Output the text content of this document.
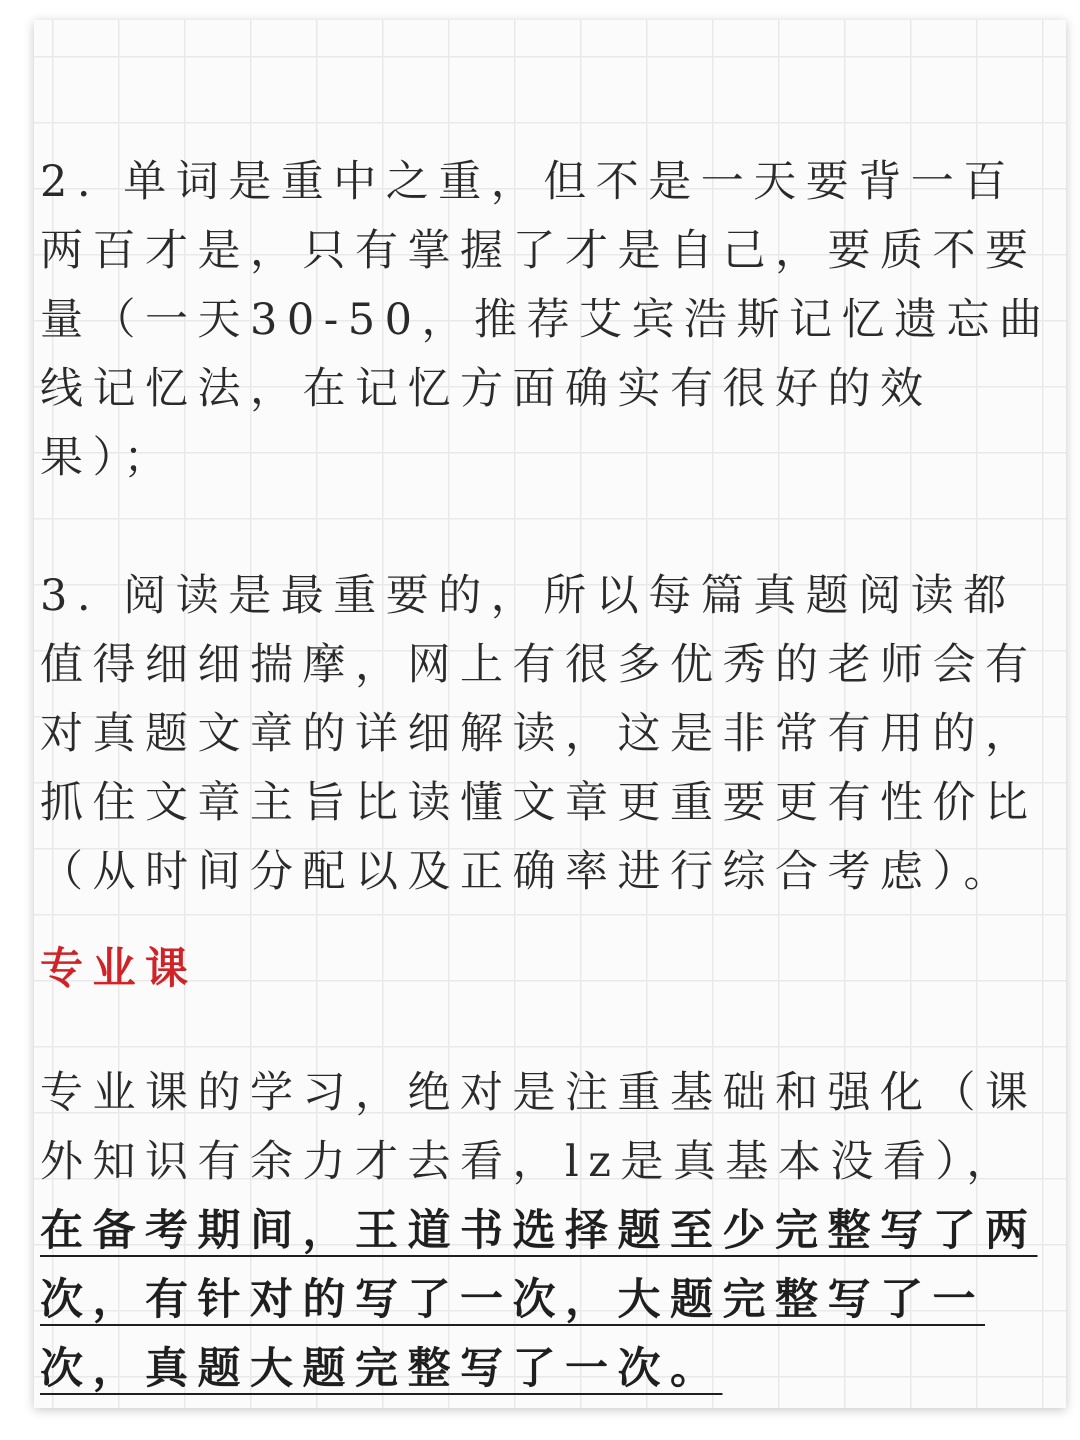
2. 单词是重中之重，但不是一天要背一百两百才是，只有掌握了才是自己，要质不要量（一天30-50，推荐艾宾浩斯记忆遗忘曲线记忆法，在记忆方面确实有很好的效果）；

3. 阅读是最重要的，所以每篇真题阅读都值得细细揣摩，网上有很多优秀的老师会有对真题文章的详细解读，这是非常有用的，抓住文章主旨比读懂文章更重要更有性价比（从时间分配以及正确率进行综合考虑）。

专业课

专业课的学习，绝对是注重基础和强化（课外知识有余力才去看，lz是真基本没看），在备考期间，王道书选择题至少完整写了两次，有针对的写了一次，大题完整写了一次，真题大题完整写了一次。
